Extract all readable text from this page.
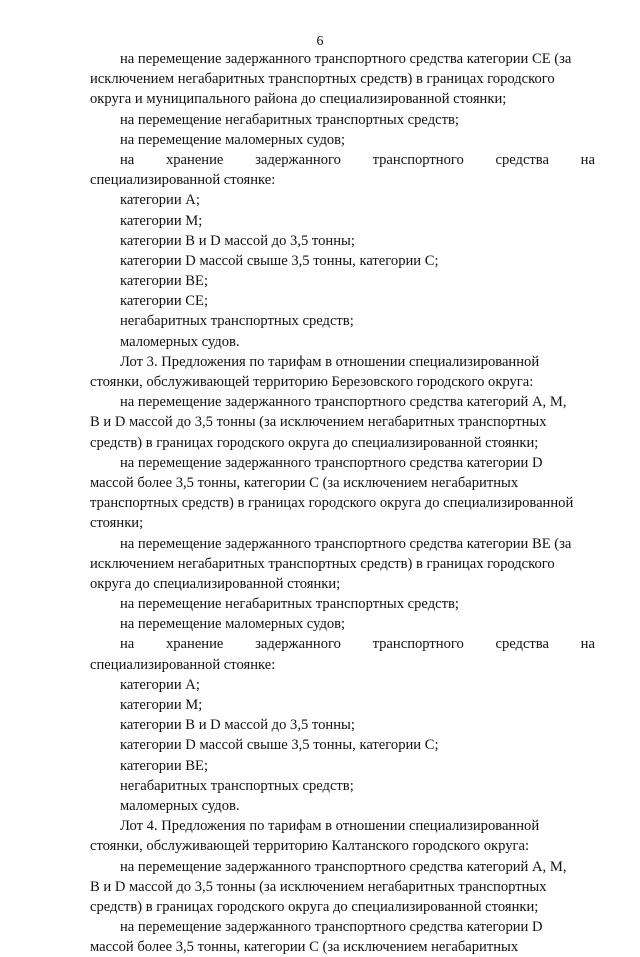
6
на перемещение задержанного транспортного средства категории CE (за
исключением негабаритных транспортных средств) в границах городского
округа и муниципального района до специализированной стоянки;
на перемещение негабаритных транспортных средств;
на перемещение маломерных судов;
на хранение задержанного транспортного средства на
специализированной стоянке:
категории A;
категории M;
категории B и D массой до 3,5 тонны;
категории D массой свыше 3,5 тонны, категории C;
категории BE;
категории CE;
негабаритных транспортных средств;
маломерных судов.
Лот 3. Предложения по тарифам в отношении специализированной
стоянки, обслуживающей территорию Березовского городского округа:
на перемещение задержанного транспортного средства категорий A, M,
B и D массой до 3,5 тонны (за исключением негабаритных транспортных
средств) в границах городского округа до специализированной стоянки;
на перемещение задержанного транспортного средства категории D
массой более 3,5 тонны, категории C (за исключением негабаритных
транспортных средств) в границах городского округа до специализированной
стоянки;
на перемещение задержанного транспортного средства категории BE (за
исключением негабаритных транспортных средств) в границах городского
округа до специализированной стоянки;
на перемещение негабаритных транспортных средств;
на перемещение маломерных судов;
на хранение задержанного транспортного средства на
специализированной стоянке:
категории A;
категории M;
категории B и D массой до 3,5 тонны;
категории D массой свыше 3,5 тонны, категории C;
категории BE;
негабаритных транспортных средств;
маломерных судов.
Лот 4. Предложения по тарифам в отношении специализированной
стоянки, обслуживающей территорию Калтанского городского округа:
на перемещение задержанного транспортного средства категорий A, M,
B и D массой до 3,5 тонны (за исключением негабаритных транспортных
средств) в границах городского округа до специализированной стоянки;
на перемещение задержанного транспортного средства категории D
массой более 3,5 тонны, категории C (за исключением негабаритных
